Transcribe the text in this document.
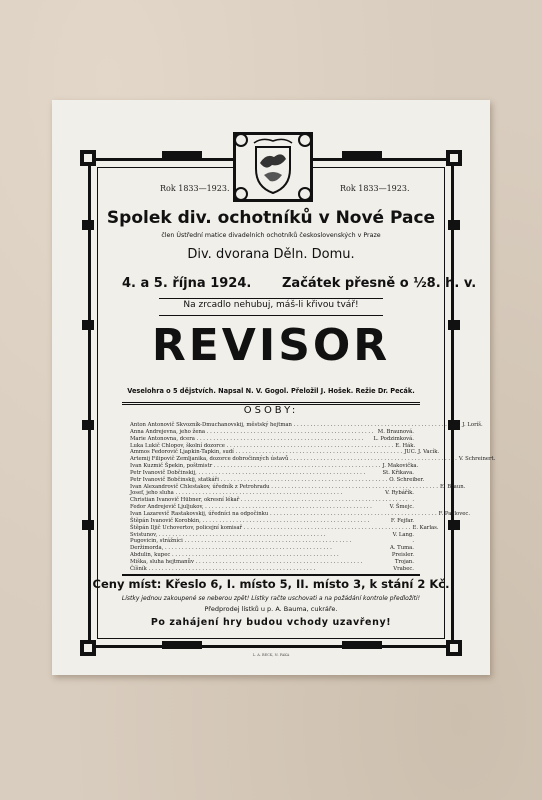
Rok 1833—1923.	Rok 1833—1923.
Spolek div. ochotníků v Nové Pace
člen Ústřední matice divadelních ochotníků československých v Praze
Div. dvorana Děln. Domu.
4. a 5. října 1924. Začátek přesně o ½8. h. v.
Na zrcadlo nehubuj, máš-li křivou tvář!
REVISOR
Veselohra o 5 dějstvích. Napsal N. V. Gogol. Přeložil J. Hošek. Režie Dr. Pecák.
OSOBY:
Anton Antonovič Skvozník-Dmuchanovskij, městský hejtman . . . . . . . . . . . . . . . . . . . . . . . . . . . . . . . . . . . . . . . . . . . . . . . . . . J. Loríš.
Anna Andrejevna, jeho žena . . . . . . . . . . . . . . . . . . . . . . . . . . . . . . . . . . . . . . . . . . . . . . . . . . M. Braunová.
Marie Antonovna, dcera . . . . . . . . . . . . . . . . . . . . . . . . . . . . . . . . . . . . . . . . . . . . . . . . . .	L. Podzimková.
Luka Lukič Chlopov, školní dozorce . . . . . . . . . . . . . . . . . . . . . . . . . . . . . . . . . . . . . . . . . . . . . . . . . . E. Hák.
Ammos Fedorovič Ljapkin-Tapkin, sudí . . . . . . . . . . . . . . . . . . . . . . . . . . . . . . . . . . . . . . . . . . . . . . . . . . JUC. J. Vacík.
Artemij Filipovič Zemljanika, dozorce dobročinných ústavů . . . . . . . . . . . . . . . . . . . . . . . . . . . . . . . . . . . . . . . . . . . . . . . . . . V. Schreinert.
Ivan Kuzmič Špekin, poštmistr . . . . . . . . . . . . . . . . . . . . . . . . . . . . . . . . . . . . . . . . . . . . . . . . . . J. Makovička.
Petr Ivanovič Dobčinskij, . . . . . . . . . . . . . . . . . . . . . . . . . . . . . . . . . . . . . . . . . . . . . . . . . .	St. Křikava.
Petr Ivanovič Bobčinskij, statkáři . . . . . . . . . . . . . . . . . . . . . . . . . . . . . . . . . . . . . . . . . . . . . . . . . . O. Schreiber.
Ivan Alexandrovič Chlestakov, úředník z Petrohradu . . . . . . . . . . . . . . . . . . . . . . . . . . . . . . . . . . . . . . . . . . . . . . . . . . E. Braun.
Josef, jeho sluha . . . . . . . . . . . . . . . . . . . . . . . . . . . . . . . . . . . . . . . . . . . . . . . . . .	V. Rybářík.
Christian Ivanovič Hübner, okresní lékař . . . . . . . . . . . . . . . . . . . . . . . . . . . . . . . . . . . . . . . . . . . . . . . . . . .
Fedor Andrejevič Ljuljukov, . . . . . . . . . . . . . . . . . . . . . . . . . . . . . . . . . . . . . . . . . . . . . . . . . .	V. Šmejc.
Ivan Lazarevič Rastakovskij, úředníci na odpočinku . . . . . . . . . . . . . . . . . . . . . . . . . . . . . . . . . . . . . . . . . . . . . . . . . . F. Pavlovec.
Štěpán Ivanovič Korobkin, . . . . . . . . . . . . . . . . . . . . . . . . . . . . . . . . . . . . . . . . . . . . . . . . . .	F. Fejfar.
Štěpán Iljič Uchovertov, policejní komisař . . . . . . . . . . . . . . . . . . . . . . . . . . . . . . . . . . . . . . . . . . . . . . . . . . E. Karlas.
Svistunov, . . . . . . . . . . . . . . . . . . . . . . . . . . . . . . . . . . . . . . . . . . . . . . . . . .	V. Lang.
Pugovicin, strážníci . . . . . . . . . . . . . . . . . . . . . . . . . . . . . . . . . . . . . . . . . . . . . . . . . .	.
Deržimorda, . . . . . . . . . . . . . . . . . . . . . . . . . . . . . . . . . . . . . . . . . . . . . . . . . .	A. Tuma.
Abdulin, kupec . . . . . . . . . . . . . . . . . . . . . . . . . . . . . . . . . . . . . . . . . . . . . . . . . .	Preisler.
Miška, sluha hejtmanův . . . . . . . . . . . . . . . . . . . . . . . . . . . . . . . . . . . . . . . . . . . . . . . . . .	Trojan.
Číšník . . . . . . . . . . . . . . . . . . . . . . . . . . . . . . . . . . . . . . . . . . . . . . . . . .	Vrabec.
Ceny míst: Křeslo 6, I. místo 5, II. místo 3, k stání 2 Kč.
Lístky jednou zakoupené se neberou zpět! Lístky račte uschovati a na požádání kontrole předložiti!
Předprodej lístků u p. A. Bauma, cukráře.
Po zahájení hry budou vchody uzavřeny!
L. A. BECK, N. PAKA
